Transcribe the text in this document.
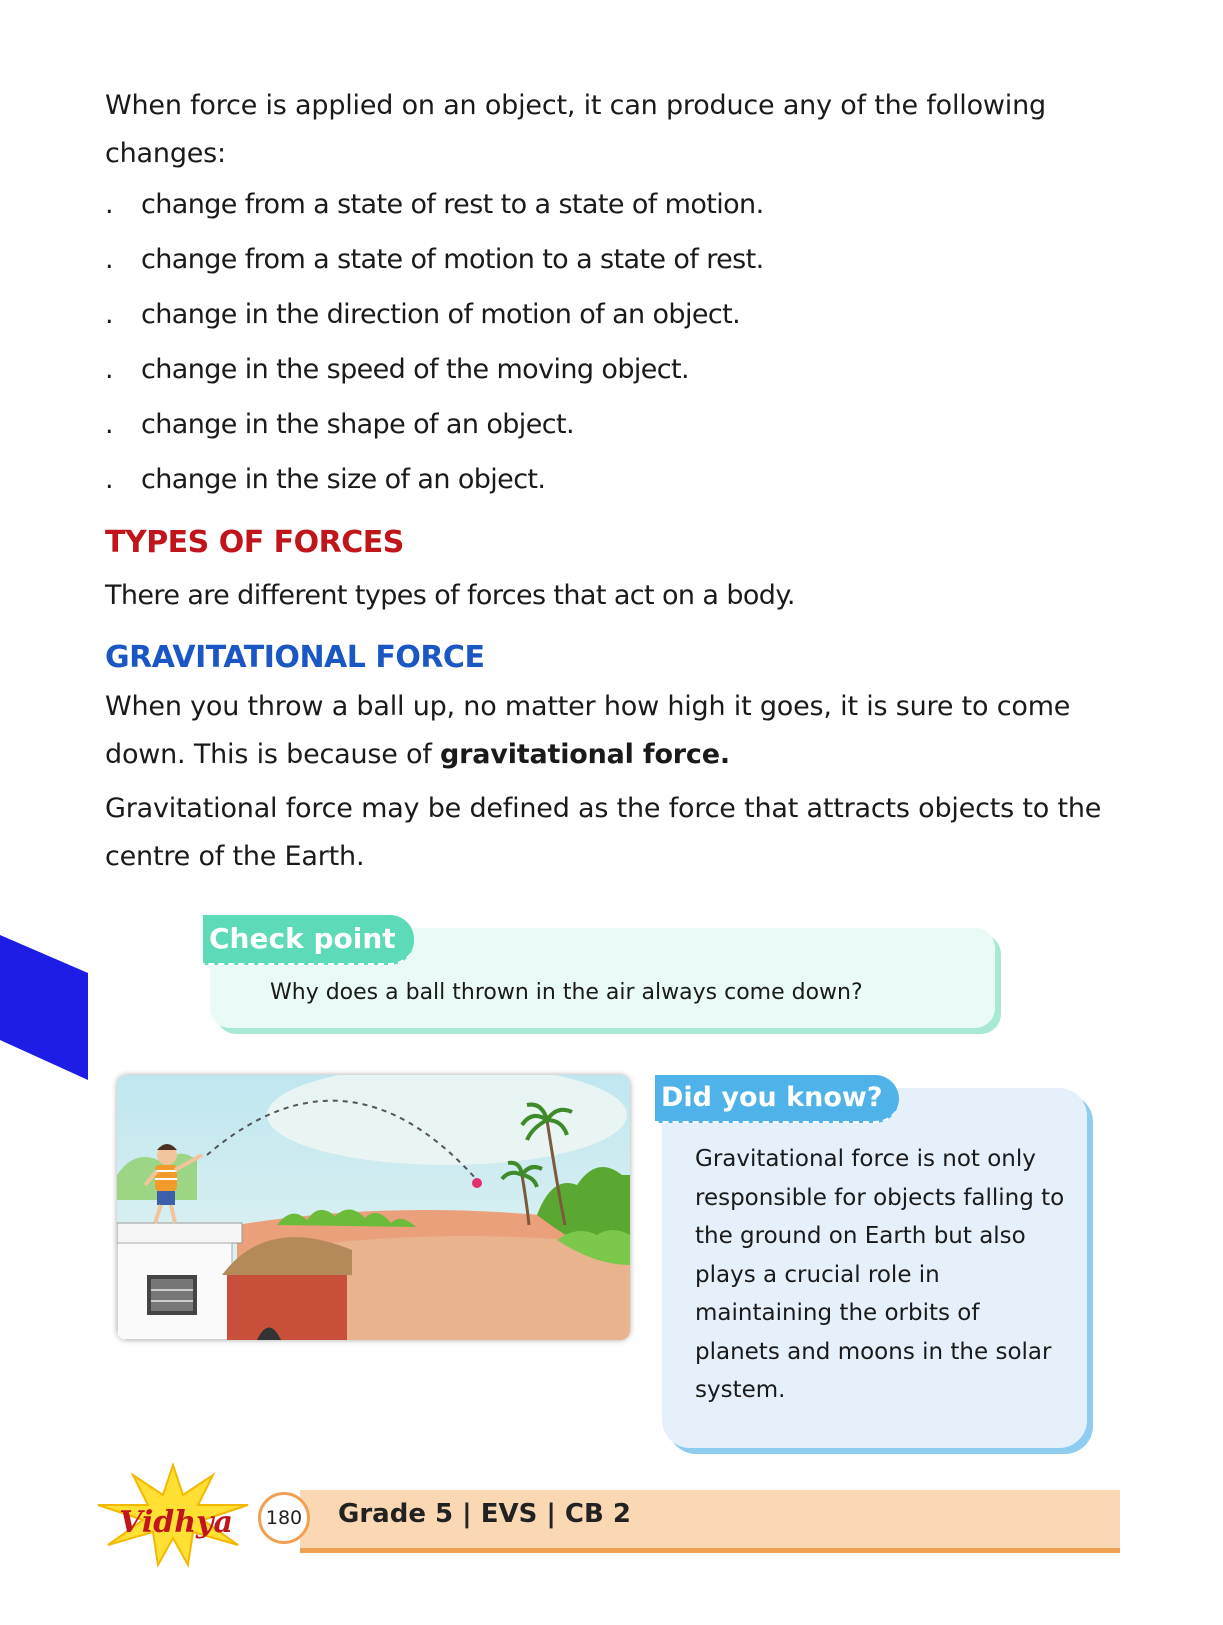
When force is applied on an object, it can produce any of the following changes:
. change from a state of rest to a state of motion.
. change from a state of motion to a state of rest.
. change in the direction of motion of an object.
. change in the speed of the moving object.
. change in the shape of an object.
. change in the size of an object.
TYPES OF FORCES
There are different types of forces that act on a body.
GRAVITATIONAL FORCE
When you throw a ball up, no matter how high it goes, it is sure to come down. This is because of gravitational force.
Gravitational force may be defined as the force that attracts objects to the centre of the Earth.
Check point
Why does a ball thrown in the air always come down?
Did you know?
Gravitational force is not only responsible for objects falling to the ground on Earth but also plays a crucial role in maintaining the orbits of planets and moons in the solar system.
180	Grade 5 | EVS | CB 2
Vidhya
